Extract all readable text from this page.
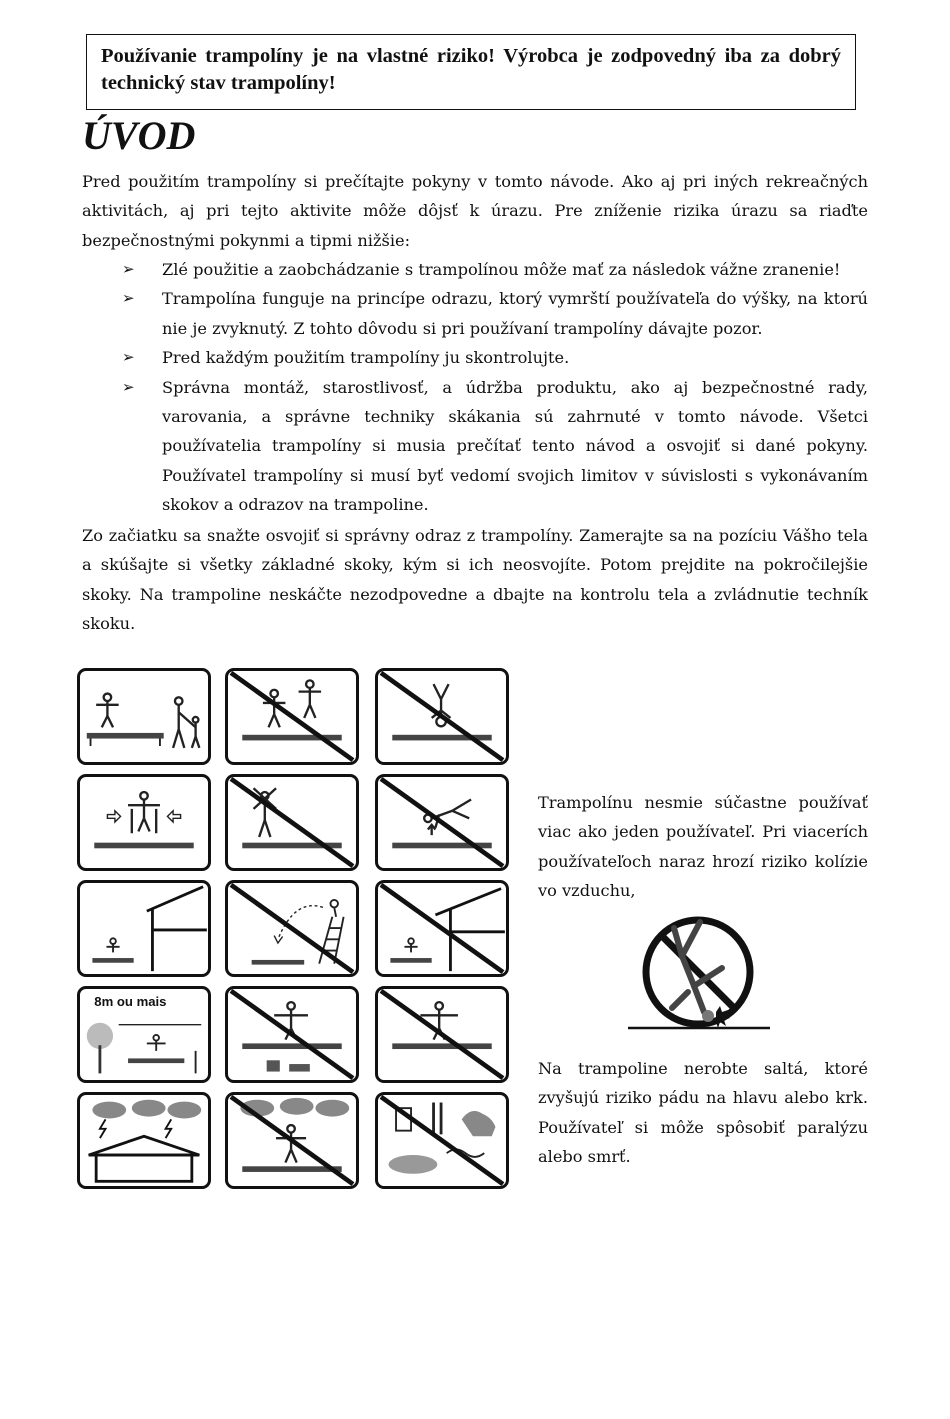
Používanie trampolíny je na vlastné riziko! Výrobca je zodpovedný iba za dobrý technický stav trampolíny!
ÚVOD
Pred použitím trampolíny si prečítajte pokyny v tomto návode. Ako aj pri iných rekreačných aktivitách, aj pri tejto aktivite môže dôjsť k úrazu. Pre zníženie rizika úrazu sa riaďte bezpečnostnými pokynmi a tipmi nižšie:
➢ Zlé použitie a zaobchádzanie s trampolínou môže mať za následok vážne zranenie!
➢ Trampolína funguje na princípe odrazu, ktorý vymrští používateľa do výšky, na ktorú nie je zvyknutý. Z tohto dôvodu si pri používaní trampolíny dávajte pozor.
➢ Pred každým použitím trampolíny ju skontrolujte.
➢ Správna montáž, starostlivosť, a údržba produktu, ako aj bezpečnostné rady, varovania, a správne techniky skákania sú zahrnuté v tomto návode. Všetci používatelia trampolíny si musia prečítať tento návod a osvojiť si dané pokyny. Používatel trampolíny si musí byť vedomí svojich limitov v súvislosti s vykonávaním skokov a odrazov na trampoline.
Zo začiatku sa snažte osvojiť si správny odraz z trampolíny. Zamerajte sa na pozíciu Vášho tela a skúšajte si všetky základné skoky, kým si ich neosvojíte. Potom prejdite na pokročilejšie skoky. Na trampoline neskáčte nezodpovedne a dbajte na kontrolu tela a zvládnutie techník skoku.
8m ou mais
Trampolínu nesmie súčastne používať viac ako jeden používateľ. Pri viacerích používateľoch naraz hrozí riziko kolízie vo vzduchu,
Na trampoline nerobte saltá, ktoré zvyšujú riziko pádu na hlavu alebo krk. Používateľ si môže spôsobiť paralýzu alebo smrť.
